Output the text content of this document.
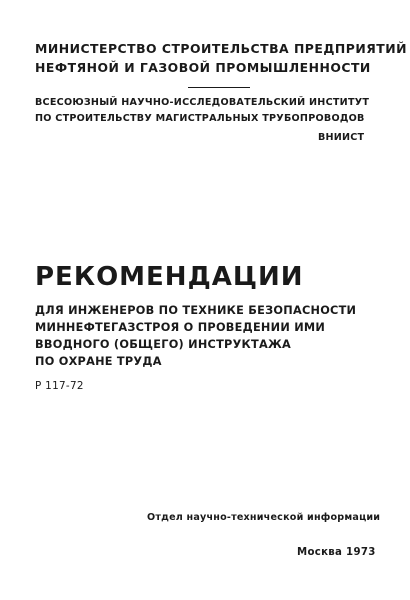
МИНИСТЕРСТВО СТРОИТЕЛЬСТВА ПРЕДПРИЯТИЙ
НЕФТЯНОЙ И ГАЗОВОЙ ПРОМЫШЛЕННОСТИ
ВСЕСОЮЗНЫЙ НАУЧНО-ИССЛЕДОВАТЕЛЬСКИЙ ИНСТИТУТ
ПО СТРОИТЕЛЬСТВУ МАГИСТРАЛЬНЫХ ТРУБОПРОВОДОВ
ВНИИСТ
РЕКОМЕНДАЦИИ
ДЛЯ ИНЖЕНЕРОВ ПО ТЕХНИКЕ БЕЗОПАСНОСТИ
МИННЕФТЕГАЗСТРОЯ О ПРОВЕДЕНИИ ИМИ
ВВОДНОГО (ОБЩЕГО) ИНСТРУКТАЖА
ПО ОХРАНЕ ТРУДА
Р 117-72
Отдел научно-технической информации
Москва 1973
